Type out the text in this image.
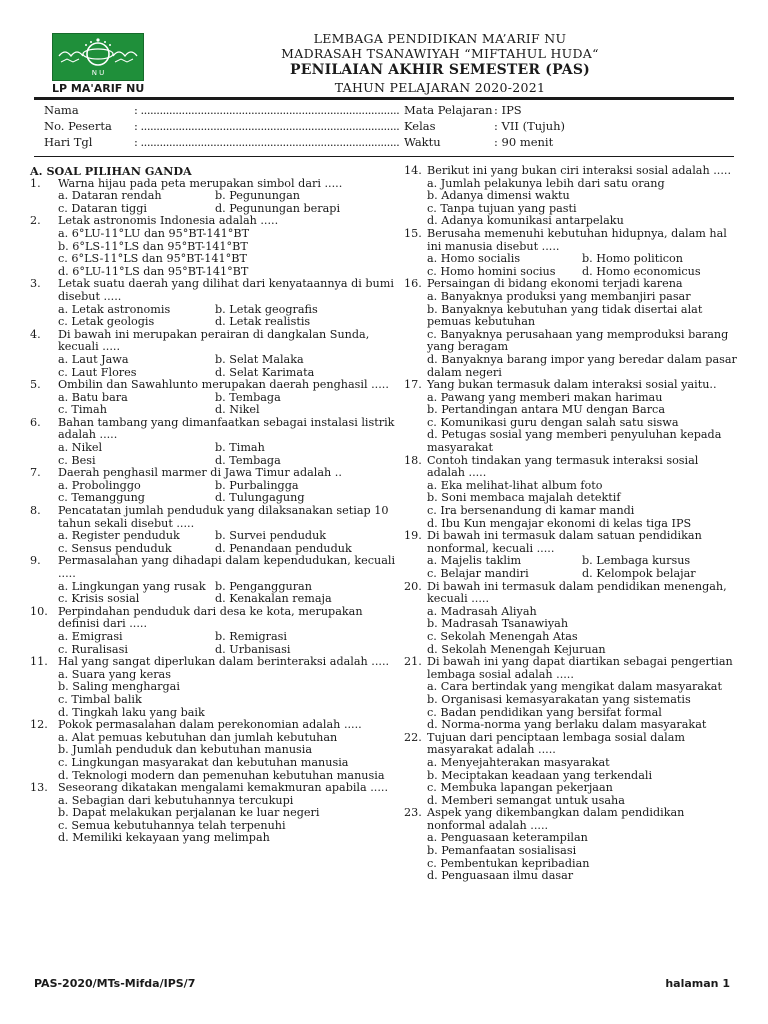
N U
LP MA'ARIF NU
LEMBAGA PENDIDIKAN MA’ARIF NU
MADRASAH TSANAWIYAH “MIFTAHUL HUDA“
PENILAIAN AKHIR SEMESTER (PAS)
TAHUN PELAJARAN 2020-2021
Nama	: ..................................................................................
No. Peserta : ..................................................................................
Hari Tgl	: ..................................................................................
Mata Pelajaran : IPS
Kelas	: VII (Tujuh)
Waktu	: 90 menit
A. SOAL PILIHAN GANDA
1. Warna hijau pada peta merupakan simbol dari .....
a. Dataran rendah	b. Pegunungan
c. Dataran tiggi	d. Pegunungan berapi
2. Letak astronomis Indonesia adalah .....
a. 6°LU-11°LU dan 95°BT-141°BT
b. 6°LS-11°LS dan 95°BT-141°BT
c. 6°LS-11°LS dan 95°BT-141°BT
d. 6°LU-11°LS dan 95°BT-141°BT
3. Letak suatu daerah yang dilihat dari kenyataannya di bumi disebut .....
a. Letak astronomis	b. Letak geografis
c. Letak geologis	d. Letak realistis
4. Di bawah ini merupakan perairan di dangkalan Sunda, kecuali .....
a. Laut Jawa	b. Selat Malaka
c. Laut Flores	d. Selat Karimata
5. Ombilin dan Sawahlunto merupakan daerah penghasil .....
a. Batu bara	b. Tembaga
c. Timah	d. Nikel
6. Bahan tambang yang dimanfaatkan sebagai instalasi listrik adalah .....
a. Nikel	b. Timah
c. Besi	d. Tembaga
7. Daerah penghasil marmer di Jawa Timur adalah ..
a. Probolinggo	b. Purbalingga
c. Temanggung	d. Tulungagung
8. Pencatatan jumlah penduduk yang dilaksanakan setiap 10 tahun sekali disebut .....
a. Register penduduk	b. Survei penduduk
c. Sensus penduduk	d. Penandaan penduduk
9. Permasalahan yang dihadapi dalam kependudukan, kecuali .....
a. Lingkungan yang rusak b. Pengangguran
c. Krisis sosial	d. Kenakalan remaja
10. Perpindahan penduduk dari desa ke kota, merupakan definisi dari .....
a. Emigrasi	b. Remigrasi
c. Ruralisasi	d. Urbanisasi
11. Hal yang sangat diperlukan dalam berinteraksi adalah .....
a. Suara yang keras
b. Saling menghargai
c. Timbal balik
d. Tingkah laku yang baik
12. Pokok permasalahan dalam perekonomian adalah .....
a. Alat pemuas kebutuhan dan jumlah kebutuhan
b. Jumlah penduduk dan kebutuhan manusia
c. Lingkungan masyarakat dan kebutuhan manusia
d. Teknologi modern dan pemenuhan kebutuhan manusia
13. Seseorang dikatakan mengalami kemakmuran apabila .....
a. Sebagian dari kebutuhannya tercukupi
b. Dapat melakukan perjalanan ke luar negeri
c. Semua kebutuhannya telah terpenuhi
d. Memiliki kekayaan yang melimpah
14. Berikut ini yang bukan ciri interaksi sosial adalah .....
a. Jumlah pelakunya lebih dari satu orang
b. Adanya dimensi waktu
c. Tanpa tujuan yang pasti
d. Adanya komunikasi antarpelaku
15. Berusaha memenuhi kebutuhan hidupnya, dalam hal ini manusia disebut .....
a. Homo socialis	b. Homo politicon
c. Homo homini socius	d. Homo economicus
16. Persaingan di bidang ekonomi terjadi karena
a. Banyaknya produksi yang membanjiri pasar
b. Banyaknya kebutuhan yang tidak disertai alat pemuas kebutuhan
c. Banyaknya perusahaan yang memproduksi barang yang beragam
d. Banyaknya barang impor yang beredar dalam pasar dalam negeri
17. Yang bukan termasuk dalam interaksi sosial yaitu..
a. Pawang yang memberi makan harimau
b. Pertandingan antara MU dengan Barca
c. Komunikasi guru dengan salah satu siswa
d. Petugas sosial yang memberi penyuluhan kepada masyarakat
18. Contoh tindakan yang termasuk interaksi sosial adalah .....
a. Eka melihat-lihat album foto
b. Soni membaca majalah detektif
c. Ira bersenandung di kamar mandi
d. Ibu Kun mengajar ekonomi di kelas tiga IPS
19. Di bawah ini termasuk dalam satuan pendidikan nonformal, kecuali .....
a. Majelis taklim	b. Lembaga kursus
c. Belajar mandiri	d. Kelompok belajar
20. Di bawah ini termasuk dalam pendidikan menengah, kecuali .....
a. Madrasah Aliyah
b. Madrasah Tsanawiyah
c. Sekolah Menengah Atas
d. Sekolah Menengah Kejuruan
21. Di bawah ini yang dapat diartikan sebagai pengertian lembaga sosial adalah .....
a. Cara bertindak yang mengikat dalam masyarakat
b. Organisasi kemasyarakatan yang sistematis
c. Badan pendidikan yang bersifat formal
d. Norma-norma yang berlaku dalam masyarakat
22. Tujuan dari penciptaan lembaga sosial dalam masyarakat adalah .....
a. Menyejahterakan masyarakat
b. Meciptakan keadaan yang terkendali
c. Membuka lapangan pekerjaan
d. Memberi semangat untuk usaha
23. Aspek yang dikembangkan dalam pendidikan nonformal adalah .....
a. Penguasaan keterampilan
b. Pemanfaatan sosialisasi
c. Pembentukan kepribadian
d. Penguasaan ilmu dasar
PAS-2020/MTs-Mifda/IPS/7	halaman 1
